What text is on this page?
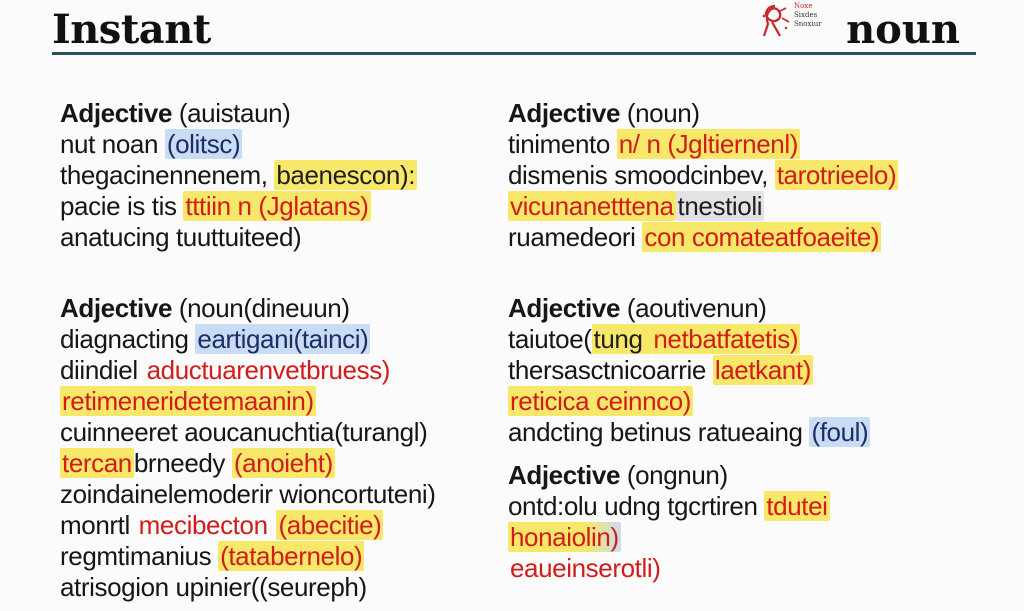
Instant	Noxe
Sixdes
Snoxiur noun
Adjective (auistaun)
nut noan (olitsc)
thegacinennenem, baenescon):
pacie is tis tttiin n (Jglatans)
anatucing tuuttuiteed)
Adjective (noun(dineuun)
diagnacting eartigani(tainci)
diindiel aductuarenvetbruess)
retimeneridetemaanin)
cuinneeret aoucanuchtia(turangl)
tercanbrneedy (anoieht)
zoindainelemoderir wioncortuteni)
monrtl mecibecton (abecitie)
regmtimanius (tatabernelo)
atrisogion upinier((seureph)
Adjective (noun)
tinimento n/ n (Jgltiernenl)
dismenis smoodcinbev, tarotrieelo)
vicunanetttena tnestioli
ruamedeori con comateatfoaeite)
Adjective (aoutivenun)
taiutoe(tung netbatfatetis)
thersasctnicoarrie laetkant)
reticica ceinnco)
andcting betinus ratueaing (foul)
Adjective (ongnun)
ontd:olu udng tgcrtiren tdutei
honaiolin)
eaueinserotli)
